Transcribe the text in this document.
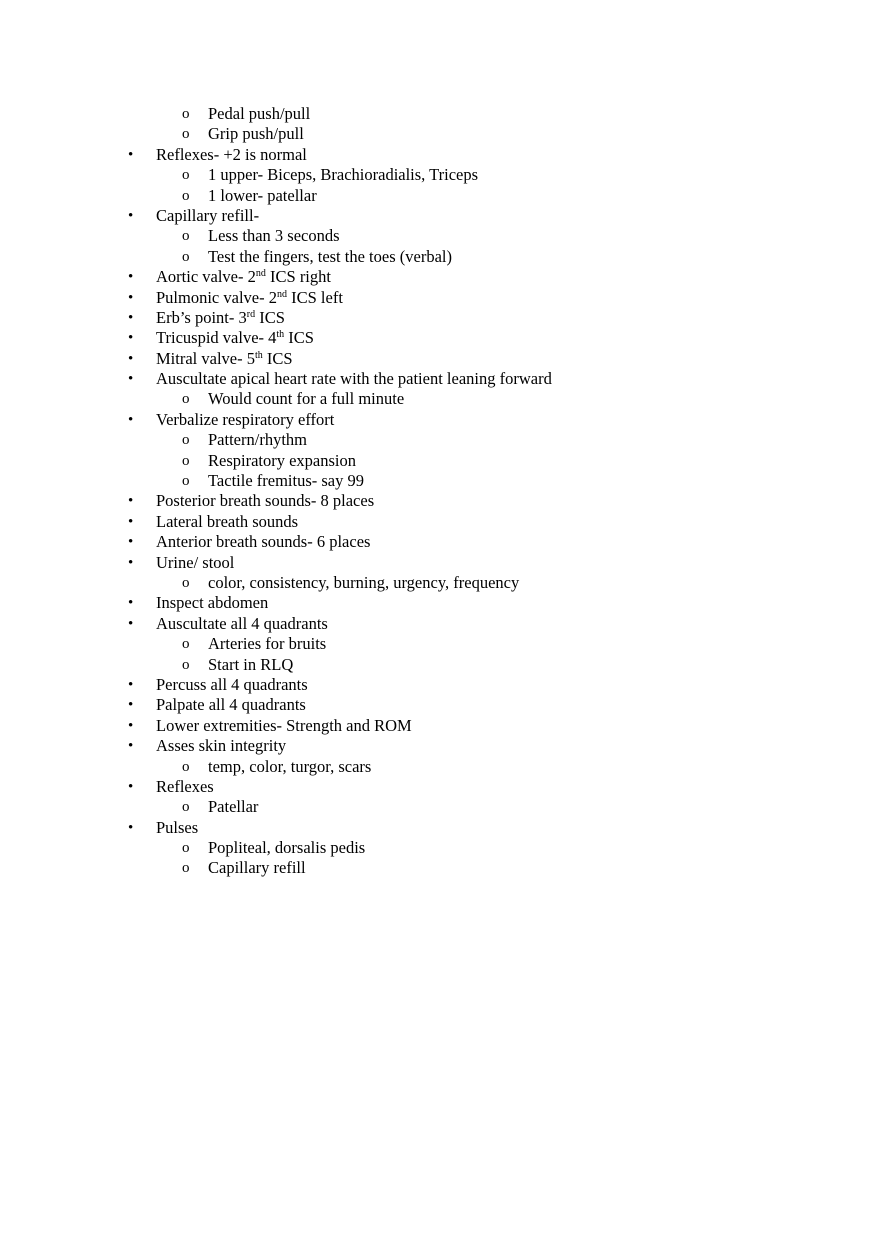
o Pedal push/pull
o Grip push/pull
• Reflexes- +2 is normal
o 1 upper- Biceps, Brachioradialis, Triceps
o 1 lower- patellar
• Capillary refill-
o Less than 3 seconds
o Test the fingers, test the toes (verbal)
• Aortic valve- 2nd ICS right
• Pulmonic valve- 2nd ICS left
• Erb’s point- 3rd ICS
• Tricuspid valve- 4th ICS
• Mitral valve- 5th ICS
• Auscultate apical heart rate with the patient leaning forward
o Would count for a full minute
• Verbalize respiratory effort
o Pattern/rhythm
o Respiratory expansion
o Tactile fremitus- say 99
• Posterior breath sounds- 8 places
• Lateral breath sounds
• Anterior breath sounds- 6 places
• Urine/ stool
o color, consistency, burning, urgency, frequency
• Inspect abdomen
• Auscultate all 4 quadrants
o Arteries for bruits
o Start in RLQ
• Percuss all 4 quadrants
• Palpate all 4 quadrants
• Lower extremities- Strength and ROM
• Asses skin integrity
o temp, color, turgor, scars
• Reflexes
o Patellar
• Pulses
o Popliteal, dorsalis pedis
o Capillary refill
